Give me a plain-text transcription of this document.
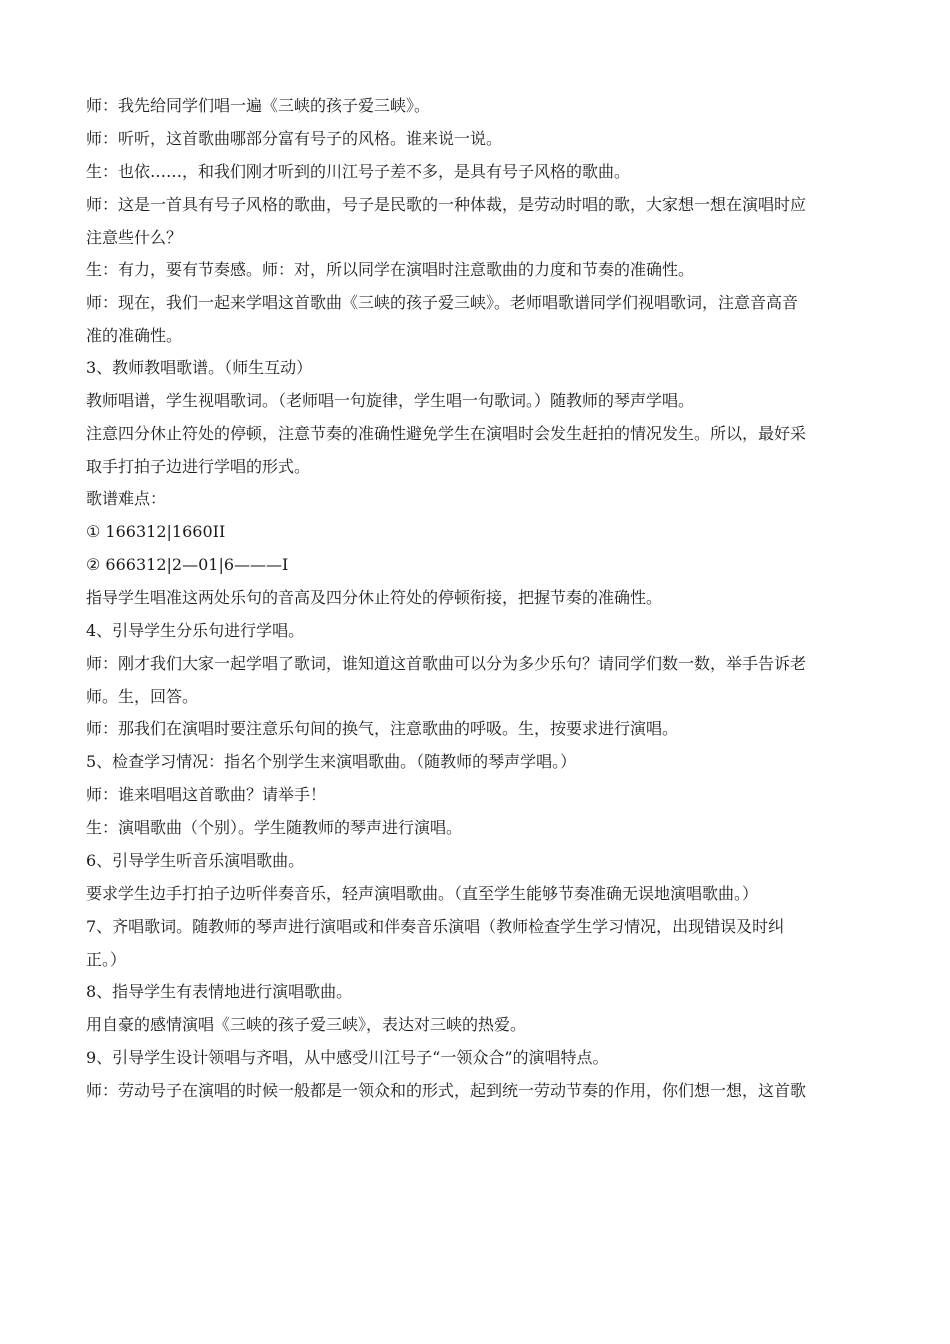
师：我先给同学们唱一遍《三峡的孩子爱三峡》。

师：听听，这首歌曲哪部分富有号子的风格。谁来说一说。

生：也依……，和我们刚才听到的川江号子差不多，是具有号子风格的歌曲。

师：这是一首具有号子风格的歌曲，号子是民歌的一种体裁，是劳动时唱的歌，大家想一想在演唱时应
注意些什么？

生：有力，要有节奏感。师：对，所以同学在演唱时注意歌曲的力度和节奏的准确性。

师：现在，我们一起来学唱这首歌曲《三峡的孩子爱三峡》。老师唱歌谱同学们视唱歌词，注意音高音
准的准确性。

3、教师教唱歌谱。（师生互动）

教师唱谱，学生视唱歌词。（老师唱一句旋律，学生唱一句歌词。）随教师的琴声学唱。

注意四分休止符处的停顿，注意节奏的准确性避免学生在演唱时会发生赶拍的情况发生。所以，最好采
取手打拍子边进行学唱的形式。

歌谱难点：

① 166312|1660II

② 666312|2—01|6———I

指导学生唱准这两处乐句的音高及四分休止符处的停顿衔接，把握节奏的准确性。

4、引导学生分乐句进行学唱。

师：刚才我们大家一起学唱了歌词，谁知道这首歌曲可以分为多少乐句？请同学们数一数，举手告诉老
师。生，回答。

师：那我们在演唱时要注意乐句间的换气，注意歌曲的呼吸。生，按要求进行演唱。

5、检查学习情况：指名个别学生来演唱歌曲。（随教师的琴声学唱。）

师：谁来唱唱这首歌曲？请举手！

生：演唱歌曲（个别）。学生随教师的琴声进行演唱。

6、引导学生听音乐演唱歌曲。

要求学生边手打拍子边听伴奏音乐，轻声演唱歌曲。（直至学生能够节奏准确无误地演唱歌曲。）

7、齐唱歌词。随教师的琴声进行演唱或和伴奏音乐演唱（教师检查学生学习情况，出现错误及时纠
正。）

8、指导学生有表情地进行演唱歌曲。

用自豪的感情演唱《三峡的孩子爱三峡》，表达对三峡的热爱。

9、引导学生设计领唱与齐唱，从中感受川江号子“一领众合”的演唱特点。

师：劳动号子在演唱的时候一般都是一领众和的形式，起到统一劳动节奏的作用，你们想一想，这首歌
